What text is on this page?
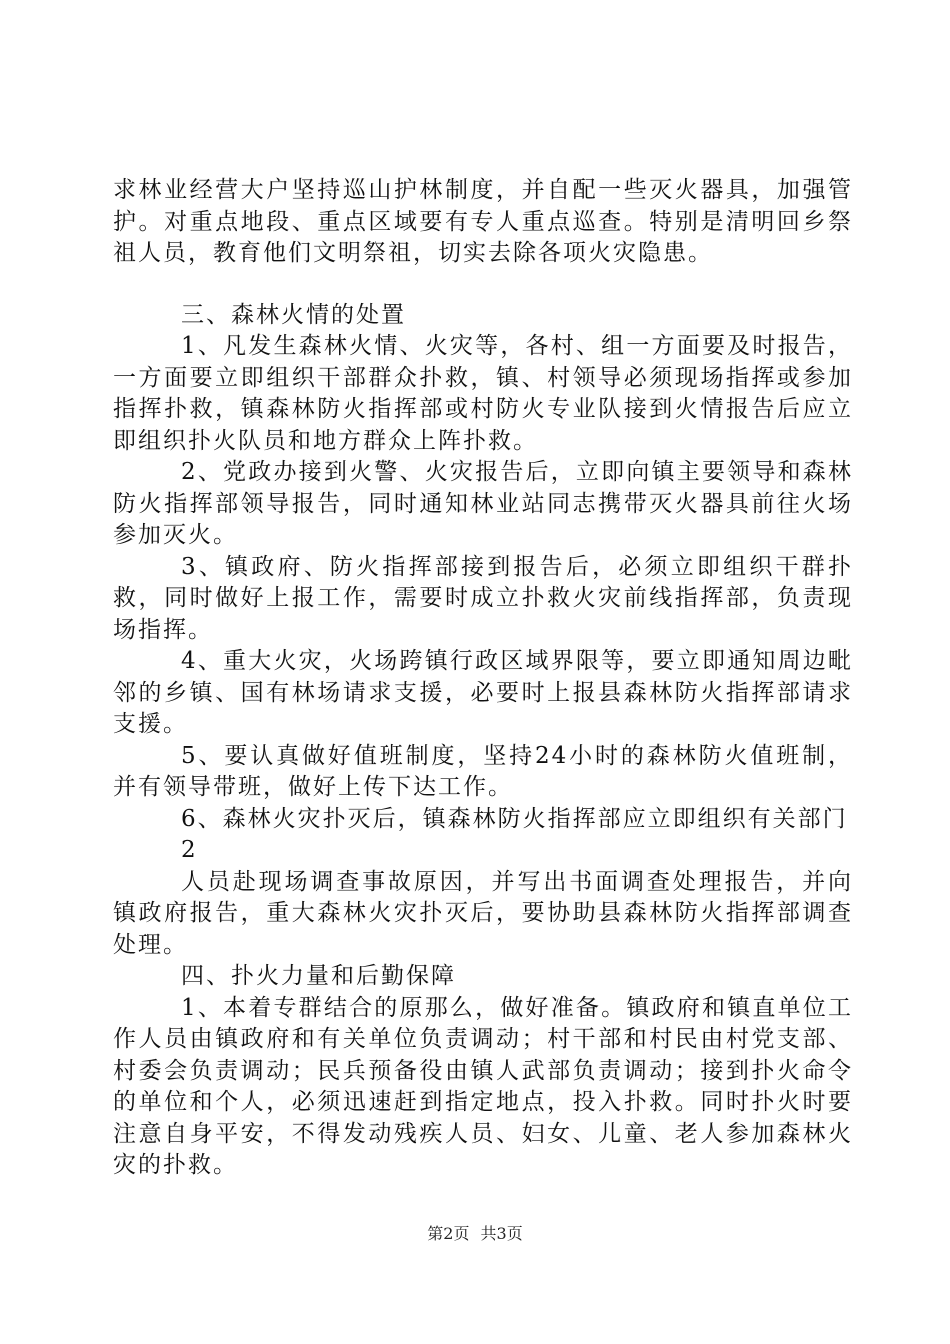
求林业经营大户坚持巡山护林制度，并自配一些灭火器具，加强管护。对重点地段、重点区域要有专人重点巡查。特别是清明回乡祭祖人员，教育他们文明祭祖，切实去除各项火灾隐患。

三、森林火情的处置

1、凡发生森林火情、火灾等，各村、组一方面要及时报告，一方面要立即组织干部群众扑救，镇、村领导必须现场指挥或参加指挥扑救，镇森林防火指挥部或村防火专业队接到火情报告后应立即组织扑火队员和地方群众上阵扑救。

2、党政办接到火警、火灾报告后，立即向镇主要领导和森林防火指挥部领导报告，同时通知林业站同志携带灭火器具前往火场参加灭火。

3、镇政府、防火指挥部接到报告后，必须立即组织干群扑救，同时做好上报工作，需要时成立扑救火灾前线指挥部，负责现场指挥。

4、重大火灾，火场跨镇行政区域界限等，要立即通知周边毗邻的乡镇、国有林场请求支援，必要时上报县森林防火指挥部请求支援。

5、要认真做好值班制度，坚持24小时的森林防火值班制，并有领导带班，做好上传下达工作。

6、森林火灾扑灭后，镇森林防火指挥部应立即组织有关部门

2

人员赴现场调查事故原因，并写出书面调查处理报告，并向镇政府报告，重大森林火灾扑灭后，要协助县森林防火指挥部调查处理。

四、扑火力量和后勤保障

1、本着专群结合的原那么，做好准备。镇政府和镇直单位工作人员由镇政府和有关单位负责调动；村干部和村民由村党支部、村委会负责调动；民兵预备役由镇人武部负责调动；接到扑火命令的单位和个人，必须迅速赶到指定地点，投入扑救。同时扑火时要注意自身平安，不得发动残疾人员、妇女、儿童、老人参加森林火灾的扑救。

第2页 共3页
